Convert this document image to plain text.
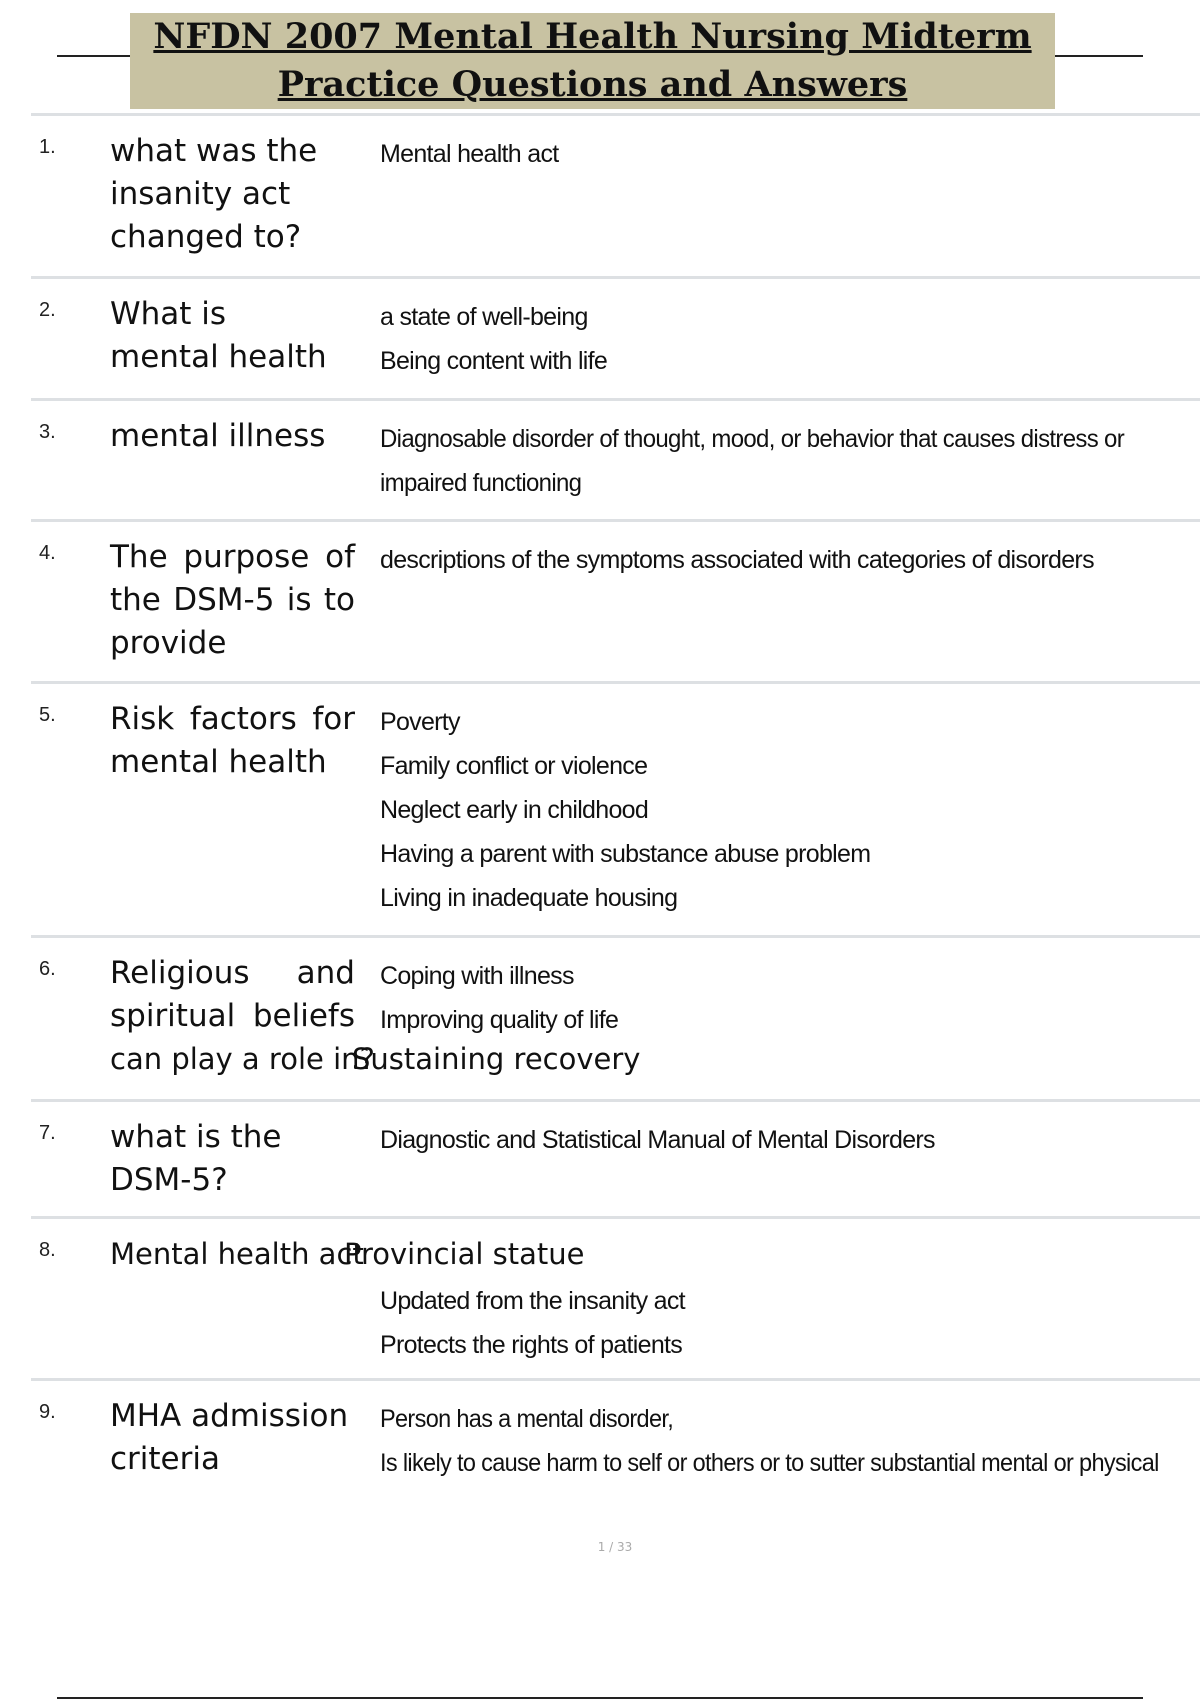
NFDN 2007 Mental Health Nursing Midterm
Practice Questions and Answers
1. what was the insanity act changed to?
Mental health act
2. What is mental health
a state of well-being
Being content with life
3. mental illness	Diagnosable disorder of thought, mood, or behavior that causes distress or
impaired functioning
4. The purpose of the DSM-5 is to provide
descriptions of the symptoms associated with categories of disorders
5. Risk factors for mental health
Poverty
Family conflict or violence
Neglect early in childhood
Having a parent with substance abuse problem
Living in inadequate housing
6. Religious and
spiritual beliefs
can play a role in?
Coping with illness
Improving quality of life
Sustaining recovery
7. what is the DSM-5?
Diagnostic and Statistical Manual of Mental Disorders
8. Mental health act
Provincial statue
Updated from the insanity act
Protects the rights of patients
9. MHA admission criteria
Person has a mental disorder,
Is likely to cause harm to self or others or to sutter substantial mental or physical
1 / 33
